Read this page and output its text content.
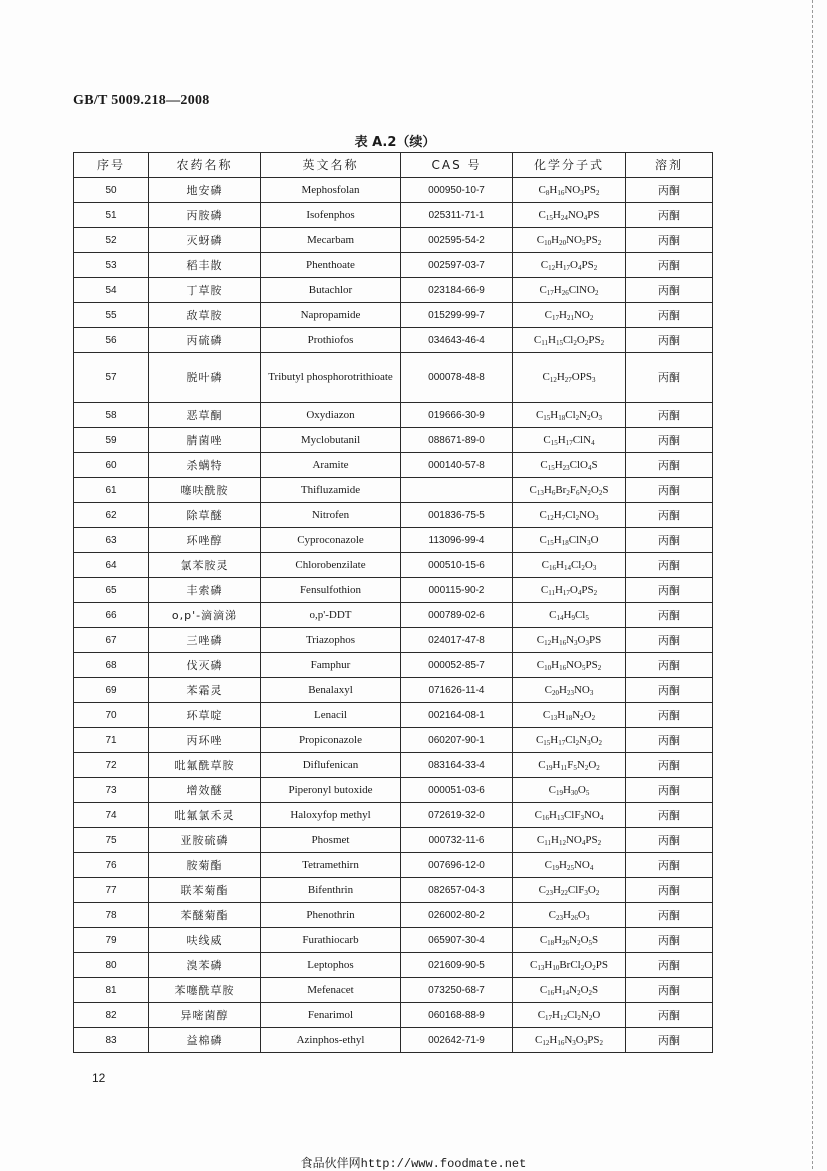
GB/T 5009.218—2008
表 A.2（续）
序号	农药名称	英文名称	CAS 号	化学分子式	溶剂
50	地安磷	Mephosfolan	000950-10-7	$C_8H_{16}NO_3PS_2$	丙酮
51	丙胺磷	Isofenphos	025311-71-1	$C_{15}H_{24}NO_4PS$	丙酮
52	灭蚜磷	Mecarbam	002595-54-2	$C_{10}H_{20}NO_5PS_2$	丙酮
53	稻丰散	Phenthoate	002597-03-7	$C_{12}H_{17}O_4PS_2$	丙酮
54	丁草胺	Butachlor	023184-66-9	$C_{17}H_{26}ClNO_2$	丙酮
55	敌草胺	Napropamide	015299-99-7	$C_{17}H_{21}NO_2$	丙酮
56	丙硫磷	Prothiofos	034643-46-4	$C_{11}H_{15}Cl_2O_2PS_2$	丙酮
57	脱叶磷	Tributyl phosphorotrithioate	000078-48-8	$C_{12}H_{27}OPS_3$	丙酮
58	恶草酮	Oxydiazon	019666-30-9	$C_{15}H_{18}Cl_2N_2O_3$	丙酮
59	腈菌唑	Myclobutanil	088671-89-0	$C_{15}H_{17}ClN_4$	丙酮
60	杀螨特	Aramite	000140-57-8	$C_{15}H_{23}ClO_4S$	丙酮
61	噻呋酰胺	Thifluzamide		$C_{13}H_6Br_2F_6N_2O_2S$	丙酮
62	除草醚	Nitrofen	001836-75-5	$C_{12}H_7Cl_2NO_3$	丙酮
63	环唑醇	Cyproconazole	113096-99-4	$C_{15}H_{18}ClN_3O$	丙酮
64	氯苯胺灵	Chlorobenzilate	000510-15-6	$C_{16}H_{14}Cl_2O_3$	丙酮
65	丰索磷	Fensulfothion	000115-90-2	$C_{11}H_{17}O_4PS_2$	丙酮
66	o,p'-滴滴涕	o,p'-DDT	000789-02-6	$C_{14}H_9Cl_5$	丙酮
67	三唑磷	Triazophos	024017-47-8	$C_{12}H_{16}N_3O_3PS$	丙酮
68	伐灭磷	Famphur	000052-85-7	$C_{10}H_{16}NO_5PS_2$	丙酮
69	苯霜灵	Benalaxyl	071626-11-4	$C_{20}H_{23}NO_3$	丙酮
70	环草啶	Lenacil	002164-08-1	$C_{13}H_{18}N_2O_2$	丙酮
71	丙环唑	Propiconazole	060207-90-1	$C_{15}H_{17}Cl_2N_3O_2$	丙酮
72	吡氟酰草胺	Diflufenican	083164-33-4	$C_{19}H_{11}F_5N_2O_2$	丙酮
73	增效醚	Piperonyl butoxide	000051-03-6	$C_{19}H_{30}O_5$	丙酮
74	吡氟氯禾灵	Haloxyfop methyl	072619-32-0	$C_{16}H_{13}ClF_3NO_4$	丙酮
75	亚胺硫磷	Phosmet	000732-11-6	$C_{11}H_{12}NO_4PS_2$	丙酮
76	胺菊酯	Tetramethirn	007696-12-0	$C_{19}H_{25}NO_4$	丙酮
77	联苯菊酯	Bifenthrin	082657-04-3	$C_{23}H_{22}ClF_3O_2$	丙酮
78	苯醚菊酯	Phenothrin	026002-80-2	$C_{23}H_{26}O_3$	丙酮
79	呋线威	Furathiocarb	065907-30-4	$C_{18}H_{26}N_2O_5S$	丙酮
80	溴苯磷	Leptophos	021609-90-5	$C_{13}H_{10}BrCl_2O_2PS$	丙酮
81	苯噻酰草胺	Mefenacet	073250-68-7	$C_{16}H_{14}N_2O_2S$	丙酮
82	异嘧菌醇	Fenarimol	060168-88-9	$C_{17}H_{12}Cl_2N_2O$	丙酮
83	益棉磷	Azinphos-ethyl	002642-71-9	$C_{12}H_{16}N_3O_3PS_2$	丙酮
12
食品伙伴网http://www.foodmate.net
